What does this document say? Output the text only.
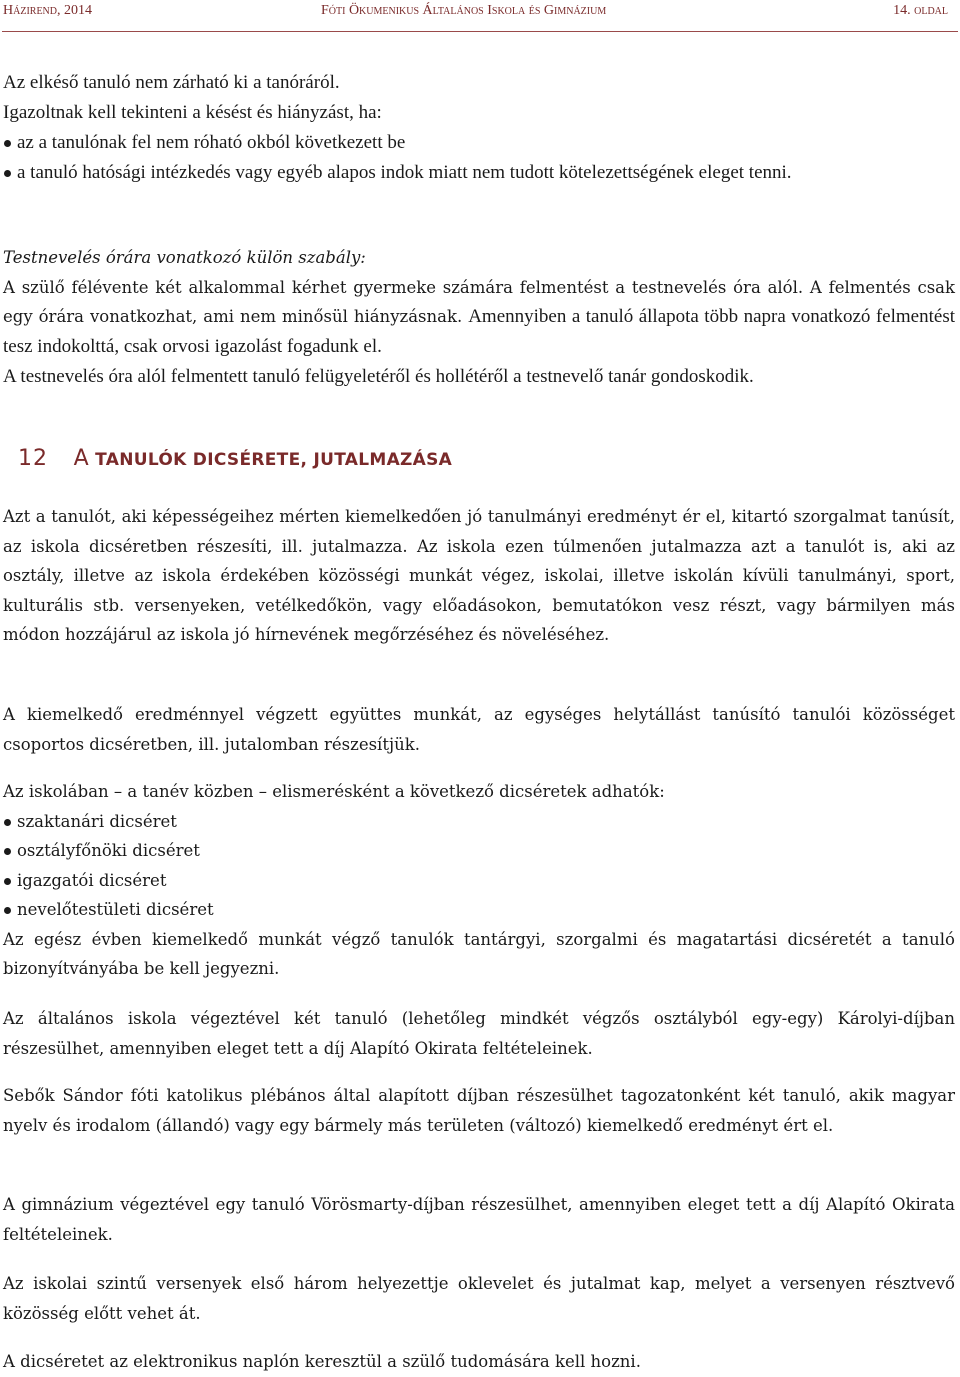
Házirend, 2014	Fóti Ökumenikus Általános Iskola és Gimnázium	14. oldal
Az elkéső tanuló nem zárható ki a tanóráról.
Igazoltnak kell tekinteni a késést és hiányzást, ha:
az a tanulónak fel nem róható okból következett be
a tanuló hatósági intézkedés vagy egyéb alapos indok miatt nem tudott kötelezettségének eleget tenni.
Testnevelés órára vonatkozó külön szabály:
A szülő félévente két alkalommal kérhet gyermeke számára felmentést a testnevelés óra alól. A felmentés csak egy órára vonatkozhat, ami nem minősül hiányzásnak. Amennyiben a tanuló állapota több napra vonatkozó felmentést tesz indokolttá, csak orvosi igazolást fogadunk el.
A testnevelés óra alól felmentett tanuló felügyeletéről és hollétéről a testnevelő tanár gondoskodik.
12 A TANULÓK DICSÉRETE, JUTALMAZÁSA
Azt a tanulót, aki képességeihez mérten kiemelkedően jó tanulmányi eredményt ér el, kitartó szorgalmat tanúsít, az iskola dicséretben részesíti, ill. jutalmazza. Az iskola ezen túlmenően jutalmazza azt a tanulót is, aki az osztály, illetve az iskola érdekében közösségi munkát végez, iskolai, illetve iskolán kívüli tanulmányi, sport, kulturális stb. versenyeken, vetélkedőkön, vagy előadásokon, bemutatókon vesz részt, vagy bármilyen más módon hozzájárul az iskola jó hírnevének megőrzéséhez és növeléséhez.
A kiemelkedő eredménnyel végzett együttes munkát, az egységes helytállást tanúsító tanulói közösséget csoportos dicséretben, ill. jutalomban részesítjük.
Az iskolában – a tanév közben – elismerésként a következő dicséretek adhatók:
szaktanári dicséret
osztályfőnöki dicséret
igazgatói dicséret
nevelőtestületi dicséret
Az egész évben kiemelkedő munkát végző tanulók tantárgyi, szorgalmi és magatartási dicséretét a tanuló bizonyítványába be kell jegyezni.
Az általános iskola végeztével két tanuló (lehetőleg mindkét végzős osztályból egy-egy) Károlyi-díjban részesülhet, amennyiben eleget tett a díj Alapító Okirata feltételeinek.
Sebők Sándor fóti katolikus plébános által alapított díjban részesülhet tagozatonként két tanuló, akik magyar nyelv és irodalom (állandó) vagy egy bármely más területen (változó) kiemelkedő eredményt ért el.
A gimnázium végeztével egy tanuló Vörösmarty-díjban részesülhet, amennyiben eleget tett a díj Alapító Okirata feltételeinek.
Az iskolai szintű versenyek első három helyezettje oklevelet és jutalmat kap, melyet a versenyen résztvevő közösség előtt vehet át.
A dicséretet az elektronikus naplón keresztül a szülő tudomására kell hozni.
